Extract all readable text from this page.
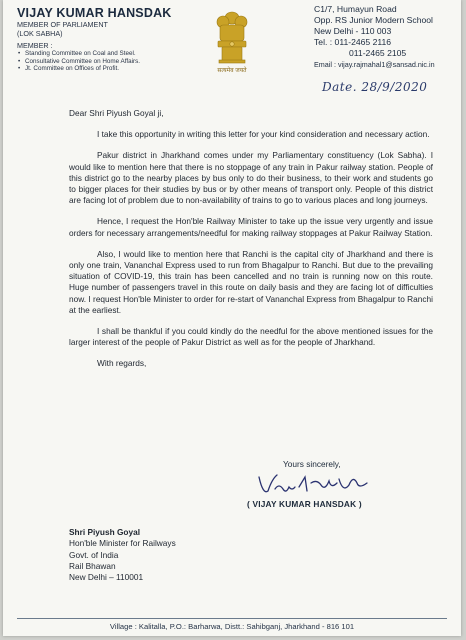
VIJAY KUMAR HANSDAK
MEMBER OF PARLIAMENT
(LOK SABHA)
MEMBER :
• Standing Committee on Coal and Steel.
• Consultative Committee on Home Affairs.
• Jt. Committee on Offices of Profit.	सत्यमेव जयते
C1/7, Humayun Road
Opp. RS Junior Modern School
New Delhi - 110 003
Tel. : 011-2465 2116
011-2465 2105
Email : vijay.rajmahal1@sansad.nic.in
Date. 28/9/2020
Dear Shri Piyush Goyal ji,

I take this opportunity in writing this letter for your kind consideration and necessary action.

Pakur district in Jharkhand comes under my Parliamentary constituency (Lok Sabha). I would like to mention here that there is no stoppage of any train in Pakur railway station. People of this district go to the nearby places by bus only to do their business, to their work and students go to bigger places for their studies by bus or by other means of transport only. People of this district are facing lot of problem due to non-availability of trains to go to various places and long journeys.

Hence, I request the Hon'ble Railway Minister to take up the issue very urgently and issue orders for necessary arrangements/needful for making railway stoppages at Pakur Railway Station.

Also, I would like to mention here that Ranchi is the capital city of Jharkhand and there is only one train, Vananchal Express used to run from Bhagalpur to Ranchi. But due to the prevailing situation of COVID-19, this train has been cancelled and no train is running now on this route. Huge number of passengers travel in this route on daily basis and they are facing lot of difficulties now. I request Hon'ble Minister to order for re-start of Vananchal Express from Bhagalpur to Ranchi at the earliest.

I shall be thankful if you could kindly do the needful for the above mentioned issues for the larger interest of the people of Pakur District as well as for the people of Jharkhand.

With regards,
Yours sincerely,
( VIJAY KUMAR HANSDAK )
Shri Piyush Goyal
Hon'ble Minister for Railways
Govt. of India
Rail Bhawan
New Delhi – 110001
Village : Kalitalla, P.O.: Barharwa, Distt.: Sahibganj, Jharkhand - 816 101
